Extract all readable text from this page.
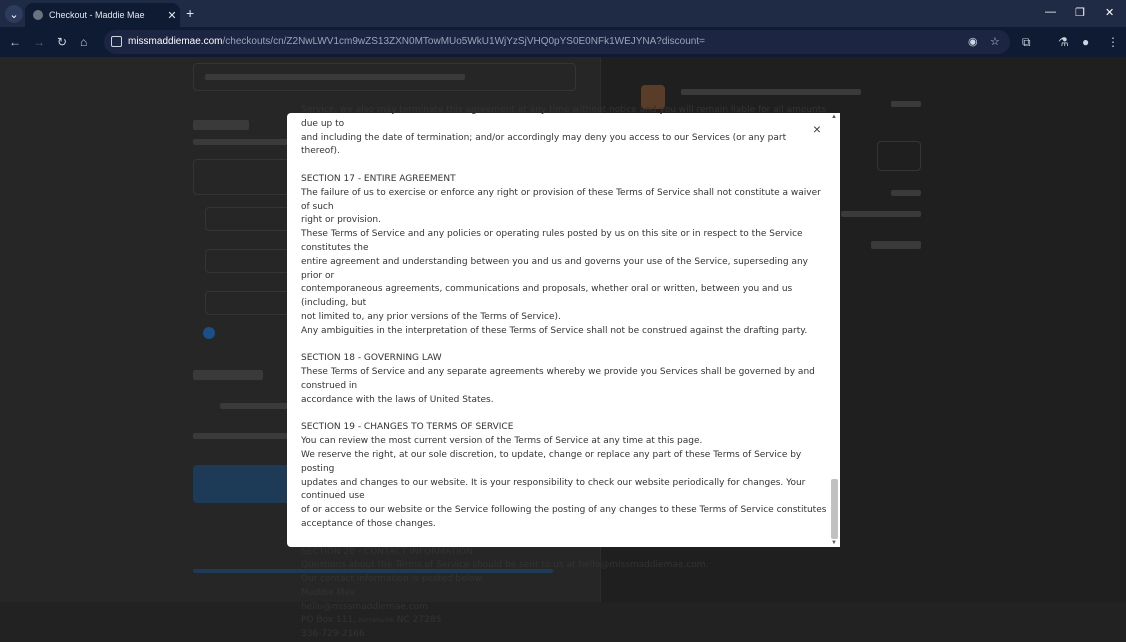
⌄	Checkout - Maddie Mae	✕ +	— ❐ ✕
← → ↻ ⌂	missmaddiemae.com/checkouts/cn/Z2NwLWV1cm9wZS13ZXN0MTowMUo5WkU1WjYzSjVHQ0pYS0E0NFk1WEJYNA?discount=	◉ ☆ ⧉ ⚗ ● ⋮

Service, we also may terminate this agreement at any time without notice and you will remain liable for all amounts due up to

and including the date of termination; and/or accordingly may deny you access to our Services (or any part thereof).

SECTION 17 - ENTIRE AGREEMENT

The failure of us to exercise or enforce any right or provision of these Terms of Service shall not constitute a waiver of such

right or provision.

These Terms of Service and any policies or operating rules posted by us on this site or in respect to the Service constitutes the

entire agreement and understanding between you and us and governs your use of the Service, superseding any prior or

contemporaneous agreements, communications and proposals, whether oral or written, between you and us (including, but

not limited to, any prior versions of the Terms of Service).

Any ambiguities in the interpretation of these Terms of Service shall not be construed against the drafting party.

SECTION 18 - GOVERNING LAW

These Terms of Service and any separate agreements whereby we provide you Services shall be governed by and construed in

accordance with the laws of United States.

SECTION 19 - CHANGES TO TERMS OF SERVICE

You can review the most current version of the Terms of Service at any time at this page.

We reserve the right, at our sole discretion, to update, change or replace any part of these Terms of Service by posting

updates and changes to our website. It is your responsibility to check our website periodically for changes. Your continued use

of or access to our website or the Service following the posting of any changes to these Terms of Service constitutes

acceptance of those changes.

SECTION 20 - CONTACT INFORMATION

Questions about the Terms of Service should be sent to us at hello@missmaddiemae.com.

Our contact information is posted below:

Maddie Mae

hello@missmaddiemae.com

PO Box 111, Kernersville NC 27285

336-729-2166

×
▲
▼
